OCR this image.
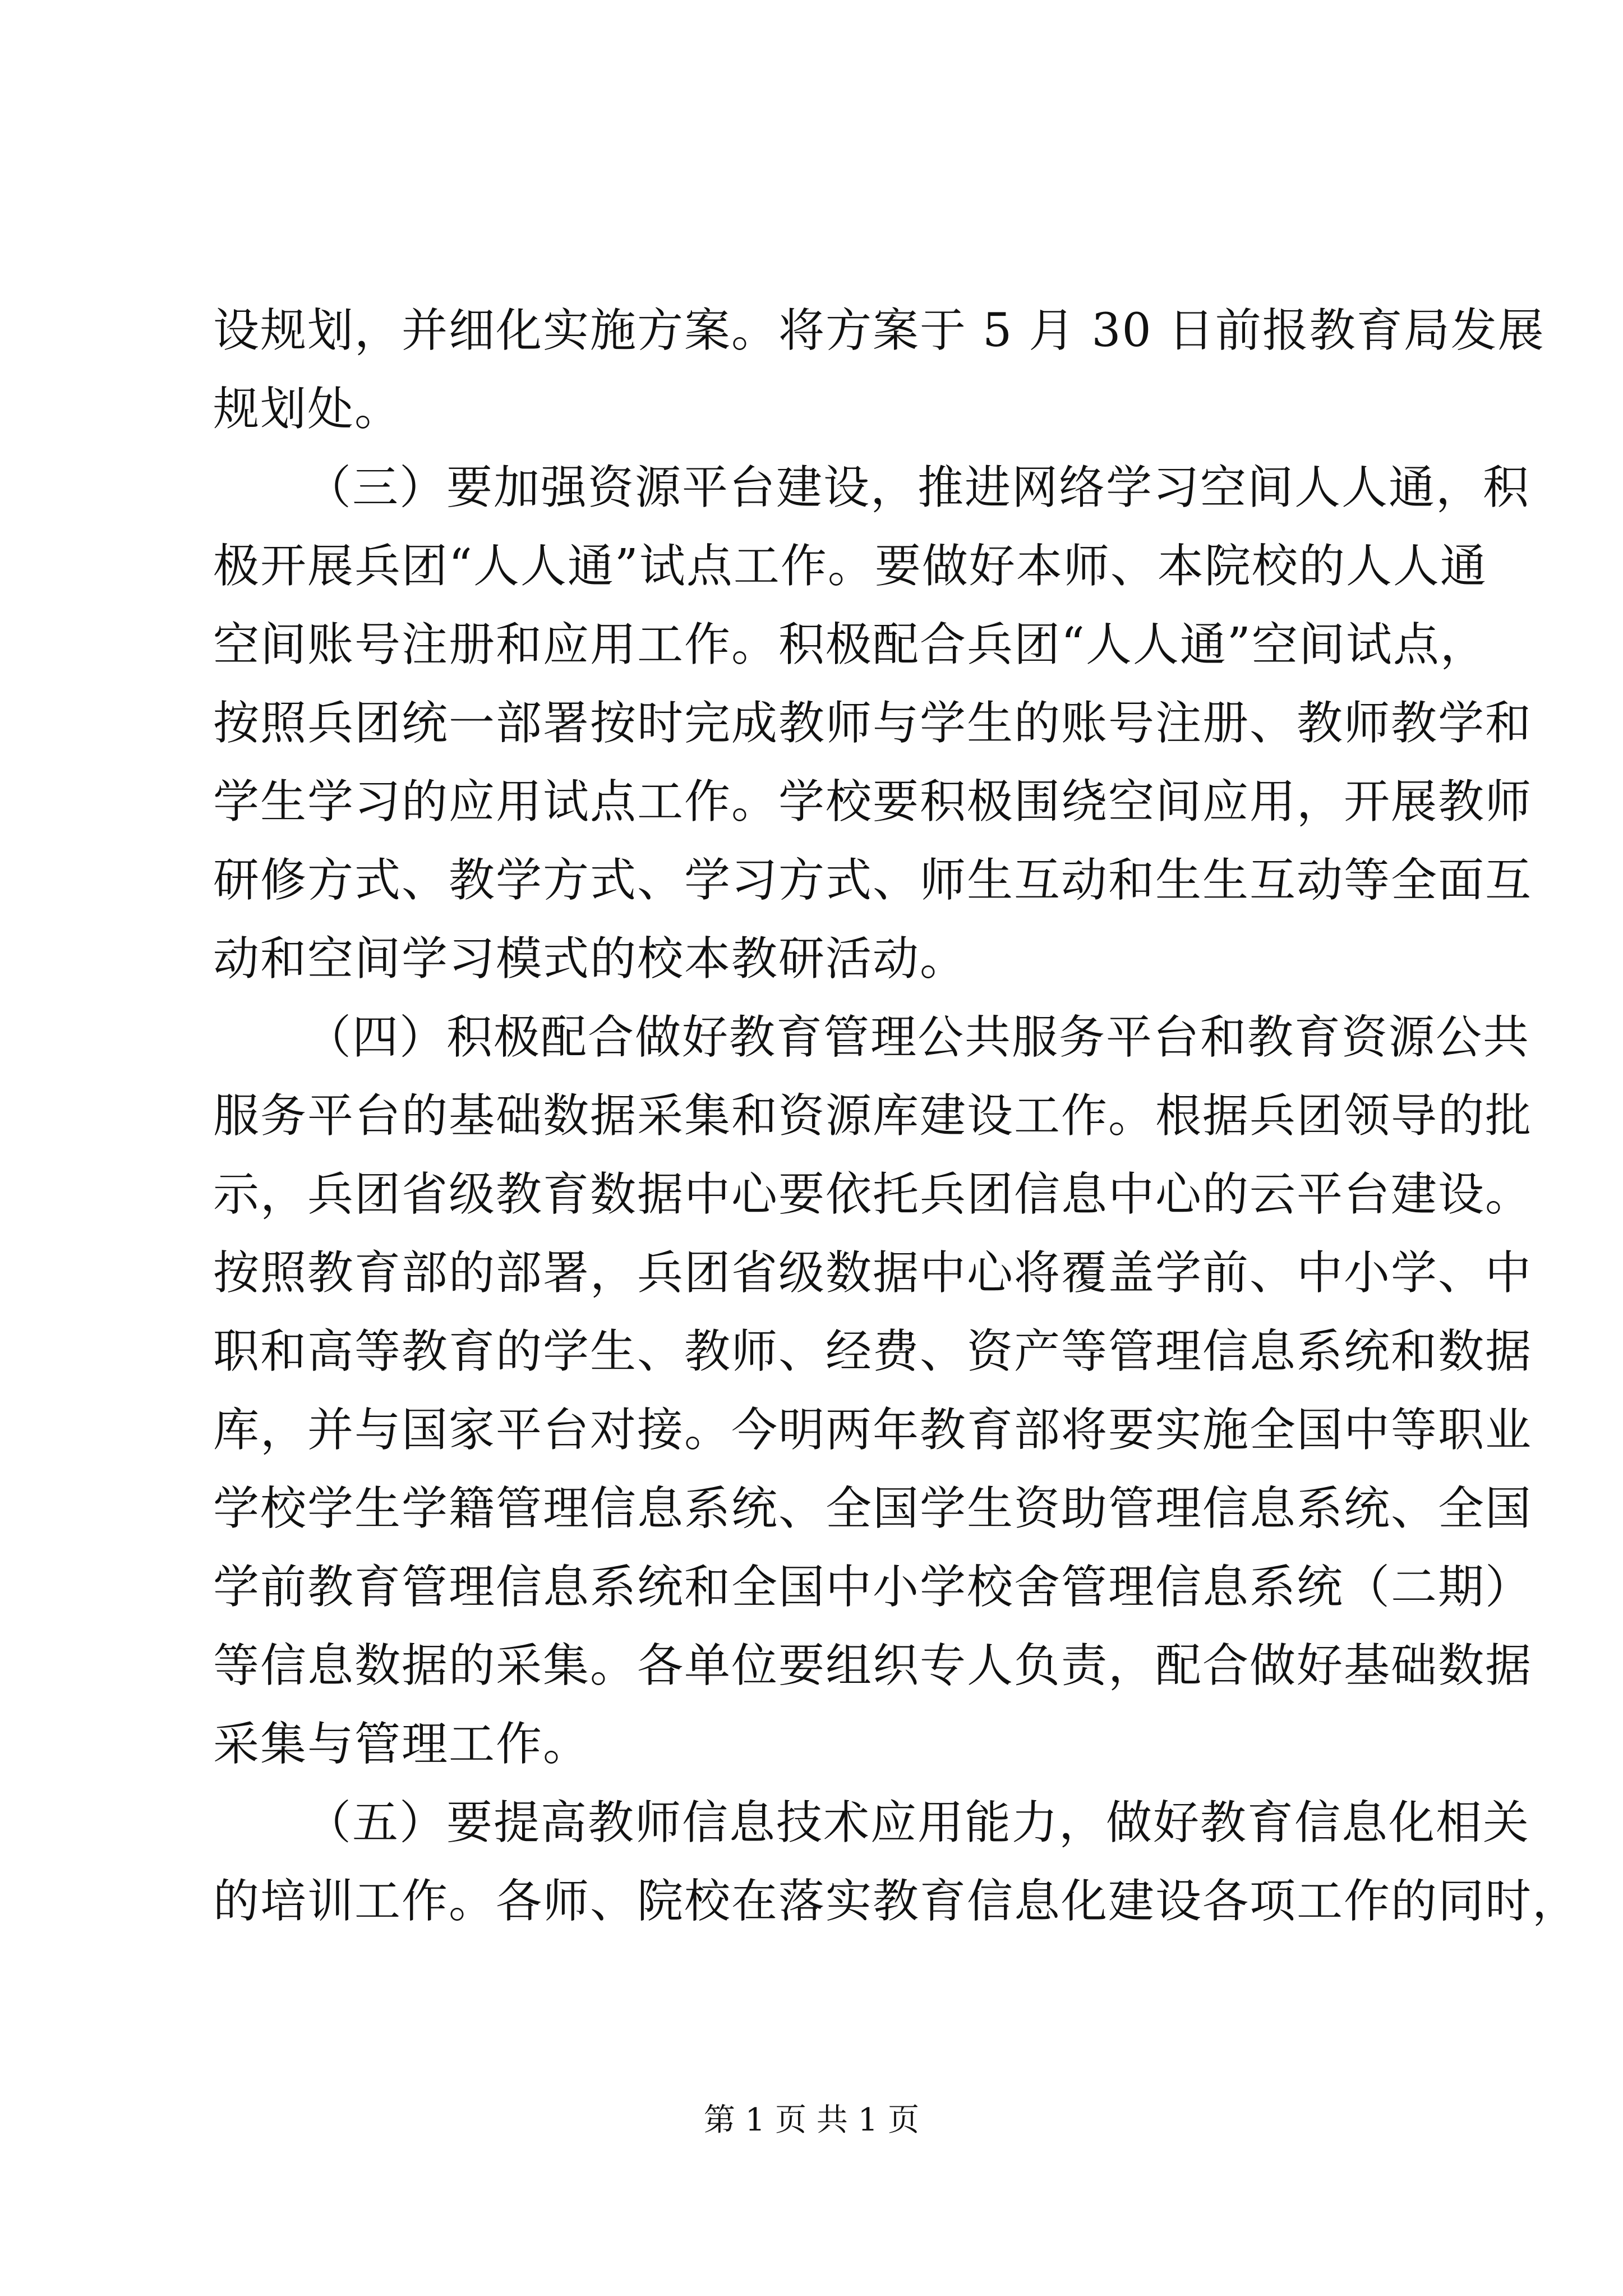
设规划，并细化实施方案。将方案于 5 月 30 日前报教育局发展
规划处。
（三）要加强资源平台建设，推进网络学习空间人人通，积
极开展兵团“人人通”试点工作。要做好本师、本院校的人人通
空间账号注册和应用工作。积极配合兵团“人人通”空间试点，
按照兵团统一部署按时完成教师与学生的账号注册、教师教学和
学生学习的应用试点工作。学校要积极围绕空间应用，开展教师
研修方式、教学方式、学习方式、师生互动和生生互动等全面互
动和空间学习模式的校本教研活动。
（四）积极配合做好教育管理公共服务平台和教育资源公共
服务平台的基础数据采集和资源库建设工作。根据兵团领导的批
示，兵团省级教育数据中心要依托兵团信息中心的云平台建设。
按照教育部的部署，兵团省级数据中心将覆盖学前、中小学、中
职和高等教育的学生、教师、经费、资产等管理信息系统和数据
库，并与国家平台对接。今明两年教育部将要实施全国中等职业
学校学生学籍管理信息系统、全国学生资助管理信息系统、全国
学前教育管理信息系统和全国中小学校舍管理信息系统（二期）
等信息数据的采集。各单位要组织专人负责，配合做好基础数据
采集与管理工作。
（五）要提高教师信息技术应用能力，做好教育信息化相关
的培训工作。各师、院校在落实教育信息化建设各项工作的同时，
第 1 页 共 1 页
